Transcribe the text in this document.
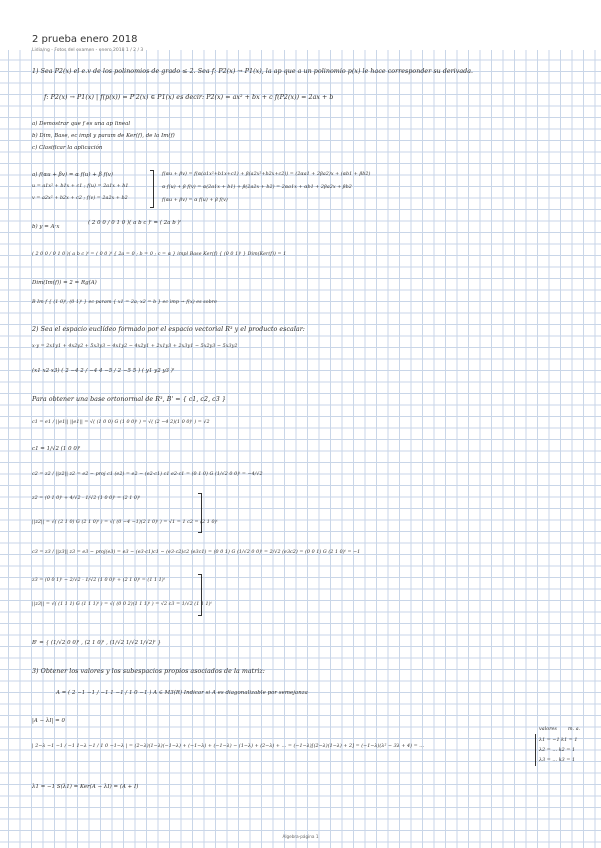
2 prueba enero 2018
Lidia/ng - Fotos del examen - enero 2018 1 / 2 / 3
1) Sea P2(x) el e.v de los polinomios de grado ≤ 2. Sea f: P2(x) → P1(x), la ap que a un polinomio p(x) le hace corresponder su derivada.
f: P2(x) → P1(x) | f(p(x)) = P'2(x) ∈ P1(x) es decir: P2(x) = ax² + bx + c f(P2(x)) = 2ax + b
a) Demostrar que f es una ap lineal
b) Dim, Base, ec impl y param de Ker(f), de la Im(f)
c) Clasificar la aplicación
a) f(αu + βv) = α f(u) + β f(v)
u = a1x² + b1x + c1 ; f(u) = 2a1x + b1
v = a2x² + b2x + c2 ; f(v) = 2a2x + b2
f(αu + βv) = f(α(a1x²+b1x+c1) + β(a2x²+b2x+c2)) = (2αa1 + 2βa2)x + (αb1 + βb2)
α f(u) + β f(v) = α(2a1x + b1) + β(2a2x + b2) = 2αa1x + αb1 + 2βa2x + βb2
f(αu + βv) = α f(u) + β f(v)
b) y = A·x
( 2 0 0 / 0 1 0 )( a b c )ᵗ = ( 2a b )ᵗ
( 2 0 0 / 0 1 0 )( a b c )ᵗ = ( 0 0 )ᵗ { 2a = 0 ; b = 0 ; c = α } impl Base Ker(f) { (0 0 1)ᵗ } Dim(Ker(f)) = 1
Dim(Im(f)) = 2 = Rg(A)
B Im f { (1 0)ᵗ, (0 1)ᵗ } ec param { x1 = 2a, x2 = b } ec imp → f(x) es sobre
2) Sea el espacio euclídeo formado por el espacio vectorial R³ y el producto escalar:
x·y = 2x1y1 + 4x2y2 + 5x3y3 − 4x1y2 − 4x2y1 + 2x1y3 + 2x3y1 − 5x2y3 − 5x3y2
(x1 x2 x3) ( 2 −4 2 / −4 4 −5 / 2 −5 5 ) ( y1 y2 y3 )ᵗ
Para obtener una base ortonormal de R³, B' = { c1, c2, c3 }
c1 = e1 / ||e1|| ||e1|| = √( (1 0 0) G (1 0 0)ᵗ ) = √( (2 −4 2)(1 0 0)ᵗ ) = √2
c1 = 1/√2 (1 0 0)ᵗ
c2 = z2 / ||z2|| z2 = e2 − proj c1 (e2) = e2 − (e2·c1) c1 e2·c1 = (0 1 0) G (1/√2 0 0)ᵗ = −4/√2
z2 = (0 1 0)ᵗ + 4/√2 · 1/√2 (1 0 0)ᵗ = (2 1 0)ᵗ
||z2|| = √( (2 1 0) G (2 1 0)ᵗ ) = √( (0 −4 −1)(2 1 0)ᵗ ) = √1 = 1 c2 = (2 1 0)ᵗ
c3 = z3 / ||z3|| z3 = e3 − proj(e3) = e3 − (e3·c1)c1 − (e3·c2)c2 (e3c1) = (0 0 1) G (1/√2 0 0)ᵗ = 2/√2 (e3c2) = (0 0 1) G (2 1 0)ᵗ = −1
z3 = (0 0 1)ᵗ − 2/√2 · 1/√2 (1 0 0)ᵗ + (2 1 0)ᵗ = (1 1 1)ᵗ
||z3|| = √( (1 1 1) G (1 1 1)ᵗ ) = √( (0 0 2)(1 1 1)ᵗ ) = √2 c3 = 1/√2 (1 1 1)ᵗ
B' = { (1/√2 0 0)ᵗ , (2 1 0)ᵗ , (1/√2 1/√2 1/√2)ᵗ }
3) Obtener los valores y los subespacios propios asociados de la matriz:
A = ( 2 −1 −1 / −1 1 −1 / 1 0 −1 ) A ∈ M3(R) Indicar si A es diagonalizable por semejanza
|A − λI| = 0
| 2−λ −1 −1 / −1 1−λ −1 / 1 0 −1−λ | = (2−λ)(1−λ)(−1−λ) + (−1−λ) + (−1−λ) − (1−λ) + (2−λ) + ... = (−1−λ)[(2−λ)(1−λ) + 2] = (−1−λ)(λ² − 3λ + 4) = ...
valores m. a.
λ1 = −1 k1 = 1
λ2 = ... k2 = 1
λ3 = ... k3 = 1
λ1 = −1 S(λ1) = Ker(A − λI) = (A + I)
Algebra-página 1
